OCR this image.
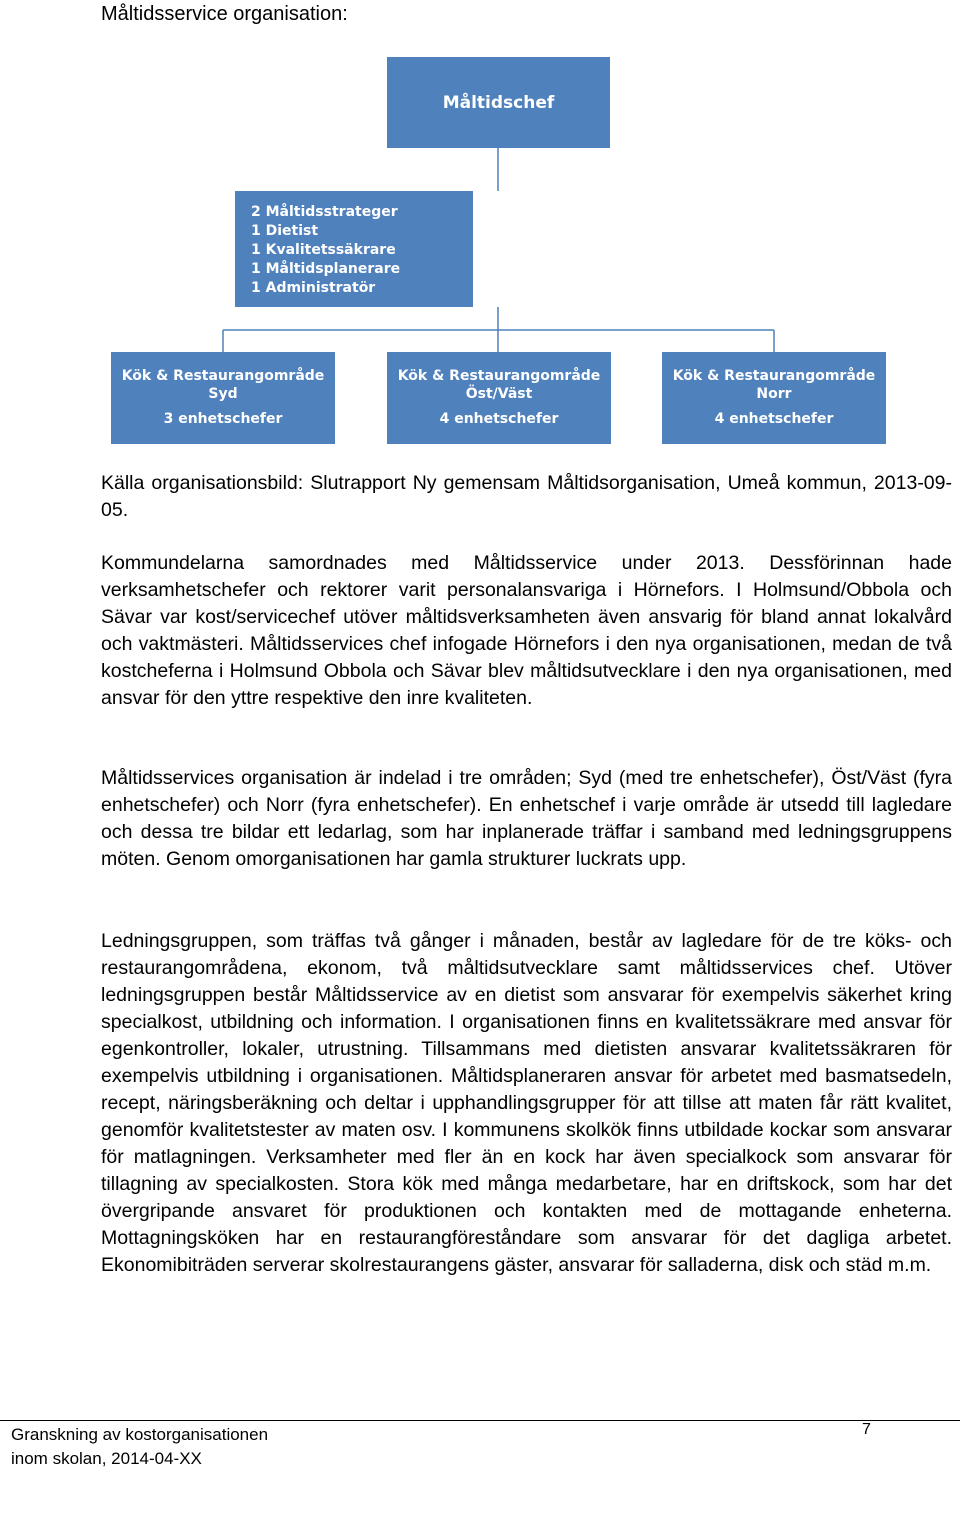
Måltidsservice organisation:
Måltidschef
2 Måltidsstrateger
1 Dietist
1 Kvalitetssäkrare
1 Måltidsplanerare
1 Administratör
Kök & Restaurangområde
Syd
3 enhetschefer
Kök & Restaurangområde
Öst/Väst
4 enhetschefer
Kök & Restaurangområde
Norr
4 enhetschefer

Källa organisationsbild: Slutrapport Ny gemensam Måltidsorganisation, Umeå kommun, 2013-09-05.

Kommundelarna samordnades med Måltidsservice under 2013. Dessförinnan hade verksamhetschefer och rektorer varit personalansvariga i Hörnefors. I Holmsund/Obbola och Sävar var kost/servicechef utöver måltidsverksamheten även ansvarig för bland annat lokalvård och vaktmästeri. Måltidsservices chef infogade Hörnefors i den nya organisationen, medan de två kostcheferna i Holmsund Obbola och Sävar blev måltidsutvecklare i den nya organisationen, med ansvar för den yttre respektive den inre kvaliteten.

Måltidsservices organisation är indelad i tre områden; Syd (med tre enhetschefer), Öst/Väst (fyra enhetschefer) och Norr (fyra enhetschefer). En enhetschef i varje område är utsedd till lagledare och dessa tre bildar ett ledarlag, som har inplanerade träffar i samband med ledningsgruppens möten. Genom omorganisationen har gamla strukturer luckrats upp.

Ledningsgruppen, som träffas två gånger i månaden, består av lagledare för de tre köks- och restaurangområdena, ekonom, två måltidsutvecklare samt måltidsservices chef. Utöver ledningsgruppen består Måltidsservice av en dietist som ansvarar för exempelvis säkerhet kring specialkost, utbildning och information. I organisationen finns en kvalitetssäkrare med ansvar för egenkontroller, lokaler, utrustning. Tillsammans med dietisten ansvarar kvalitetssäkraren för exempelvis utbildning i organisationen. Måltidsplaneraren ansvar för arbetet med basmatsedeln, recept, näringsberäkning och deltar i upphandlingsgrupper för att tillse att maten får rätt kvalitet, genomför kvalitetstester av maten osv. I kommunens skolkök finns utbildade kockar som ansvarar för matlagningen. Verksamheter med fler än en kock har även specialkock som ansvarar för tillagning av specialkosten. Stora kök med många medarbetare, har en driftskock, som har det övergripande ansvaret för produktionen och kontakten med de mottagande enheterna. Mottagningsköken har en restaurangföreståndare som ansvarar för det dagliga arbetet. Ekonomibiträden serverar skolrestaurangens gäster, ansvarar för salladerna, disk och städ m.m.

Granskning av kostorganisationen
inom skolan, 2014-04-XX
7
